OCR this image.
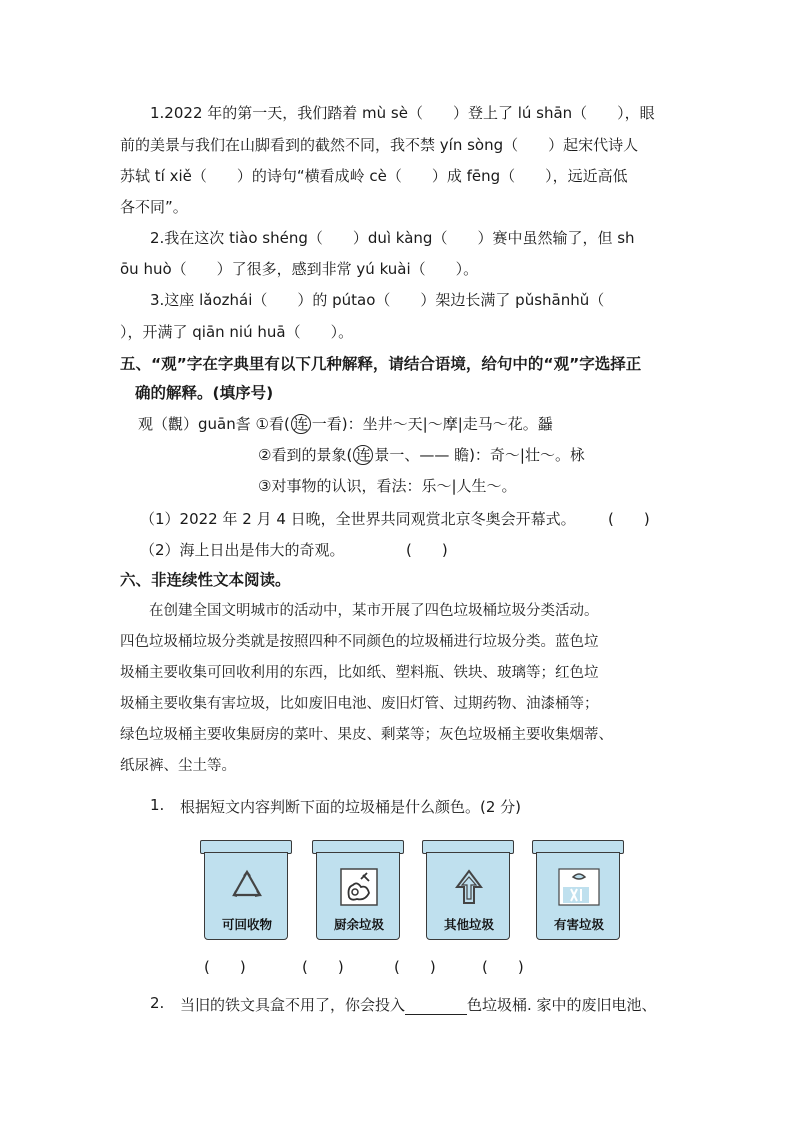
1.2022 年的第一天，我们踏着 mù sè（　　）登上了 lú shān（　　），眼
前的美景与我们在山脚看到的截然不同，我不禁 yín sòng（　　）起宋代诗人
苏轼 tí xiě（　　）的诗句“横看成岭 cè（　　）成 fēng（　　），远近高低
各不同”。
2.我在这次 tiào shéng（　　）duì kàng（　　）赛中虽然输了，但 sh
ōu huò（　　）了很多，感到非常 yú kuài（　　）。
3.这座 lǎozhái（　　）的 pútao（　　）架边长满了 pǔshānhǔ（　　
），开满了 qiān niú huā（　　）。
五、“观”字在字典里有以下几种解释，请结合语境，给句中的“观”字选择正
确的解释。(填序号)
观（觀）guān䚻 ①看( 连 一看)：坐井～天|～摩|走马～花。䗺
②看到的景象( 连 景一、—— 瞻)：奇～|壮～。栐
③对事物的认识，看法：乐～|人生～。
（1）2022 年 2 月 4 日晚，全世界共同观赏北京冬奥会开幕式。 (　　)
（2）海上日出是伟大的奇观。	(　　)
六、非连续性文本阅读。

　　在创建全国文明城市的活动中，某市开展了四色垃圾桶垃圾分类活动。

四色垃圾桶垃圾分类就是按照四种不同颜色的垃圾桶进行垃圾分类。蓝色垃

圾桶主要收集可回收利用的东西，比如纸、塑料瓶、铁块、玻璃等；红色垃

圾桶主要收集有害垃圾，比如废旧电池、废旧灯管、过期药物、油漆桶等；

绿色垃圾桶主要收集厨房的菜叶、果皮、剩菜等；灰色垃圾桶主要收集烟蒂、

纸尿裤、尘土等。

1. 根据短文内容判断下面的垃圾桶是什么颜色。(2 分)
可回收物	厨余垃圾	其他垃圾	有害垃圾
(　　)	(　　)	(　　)	(　　)
2. 当旧的铁文具盒不用了，你会投入	色垃圾桶. 家中的废旧电池、
